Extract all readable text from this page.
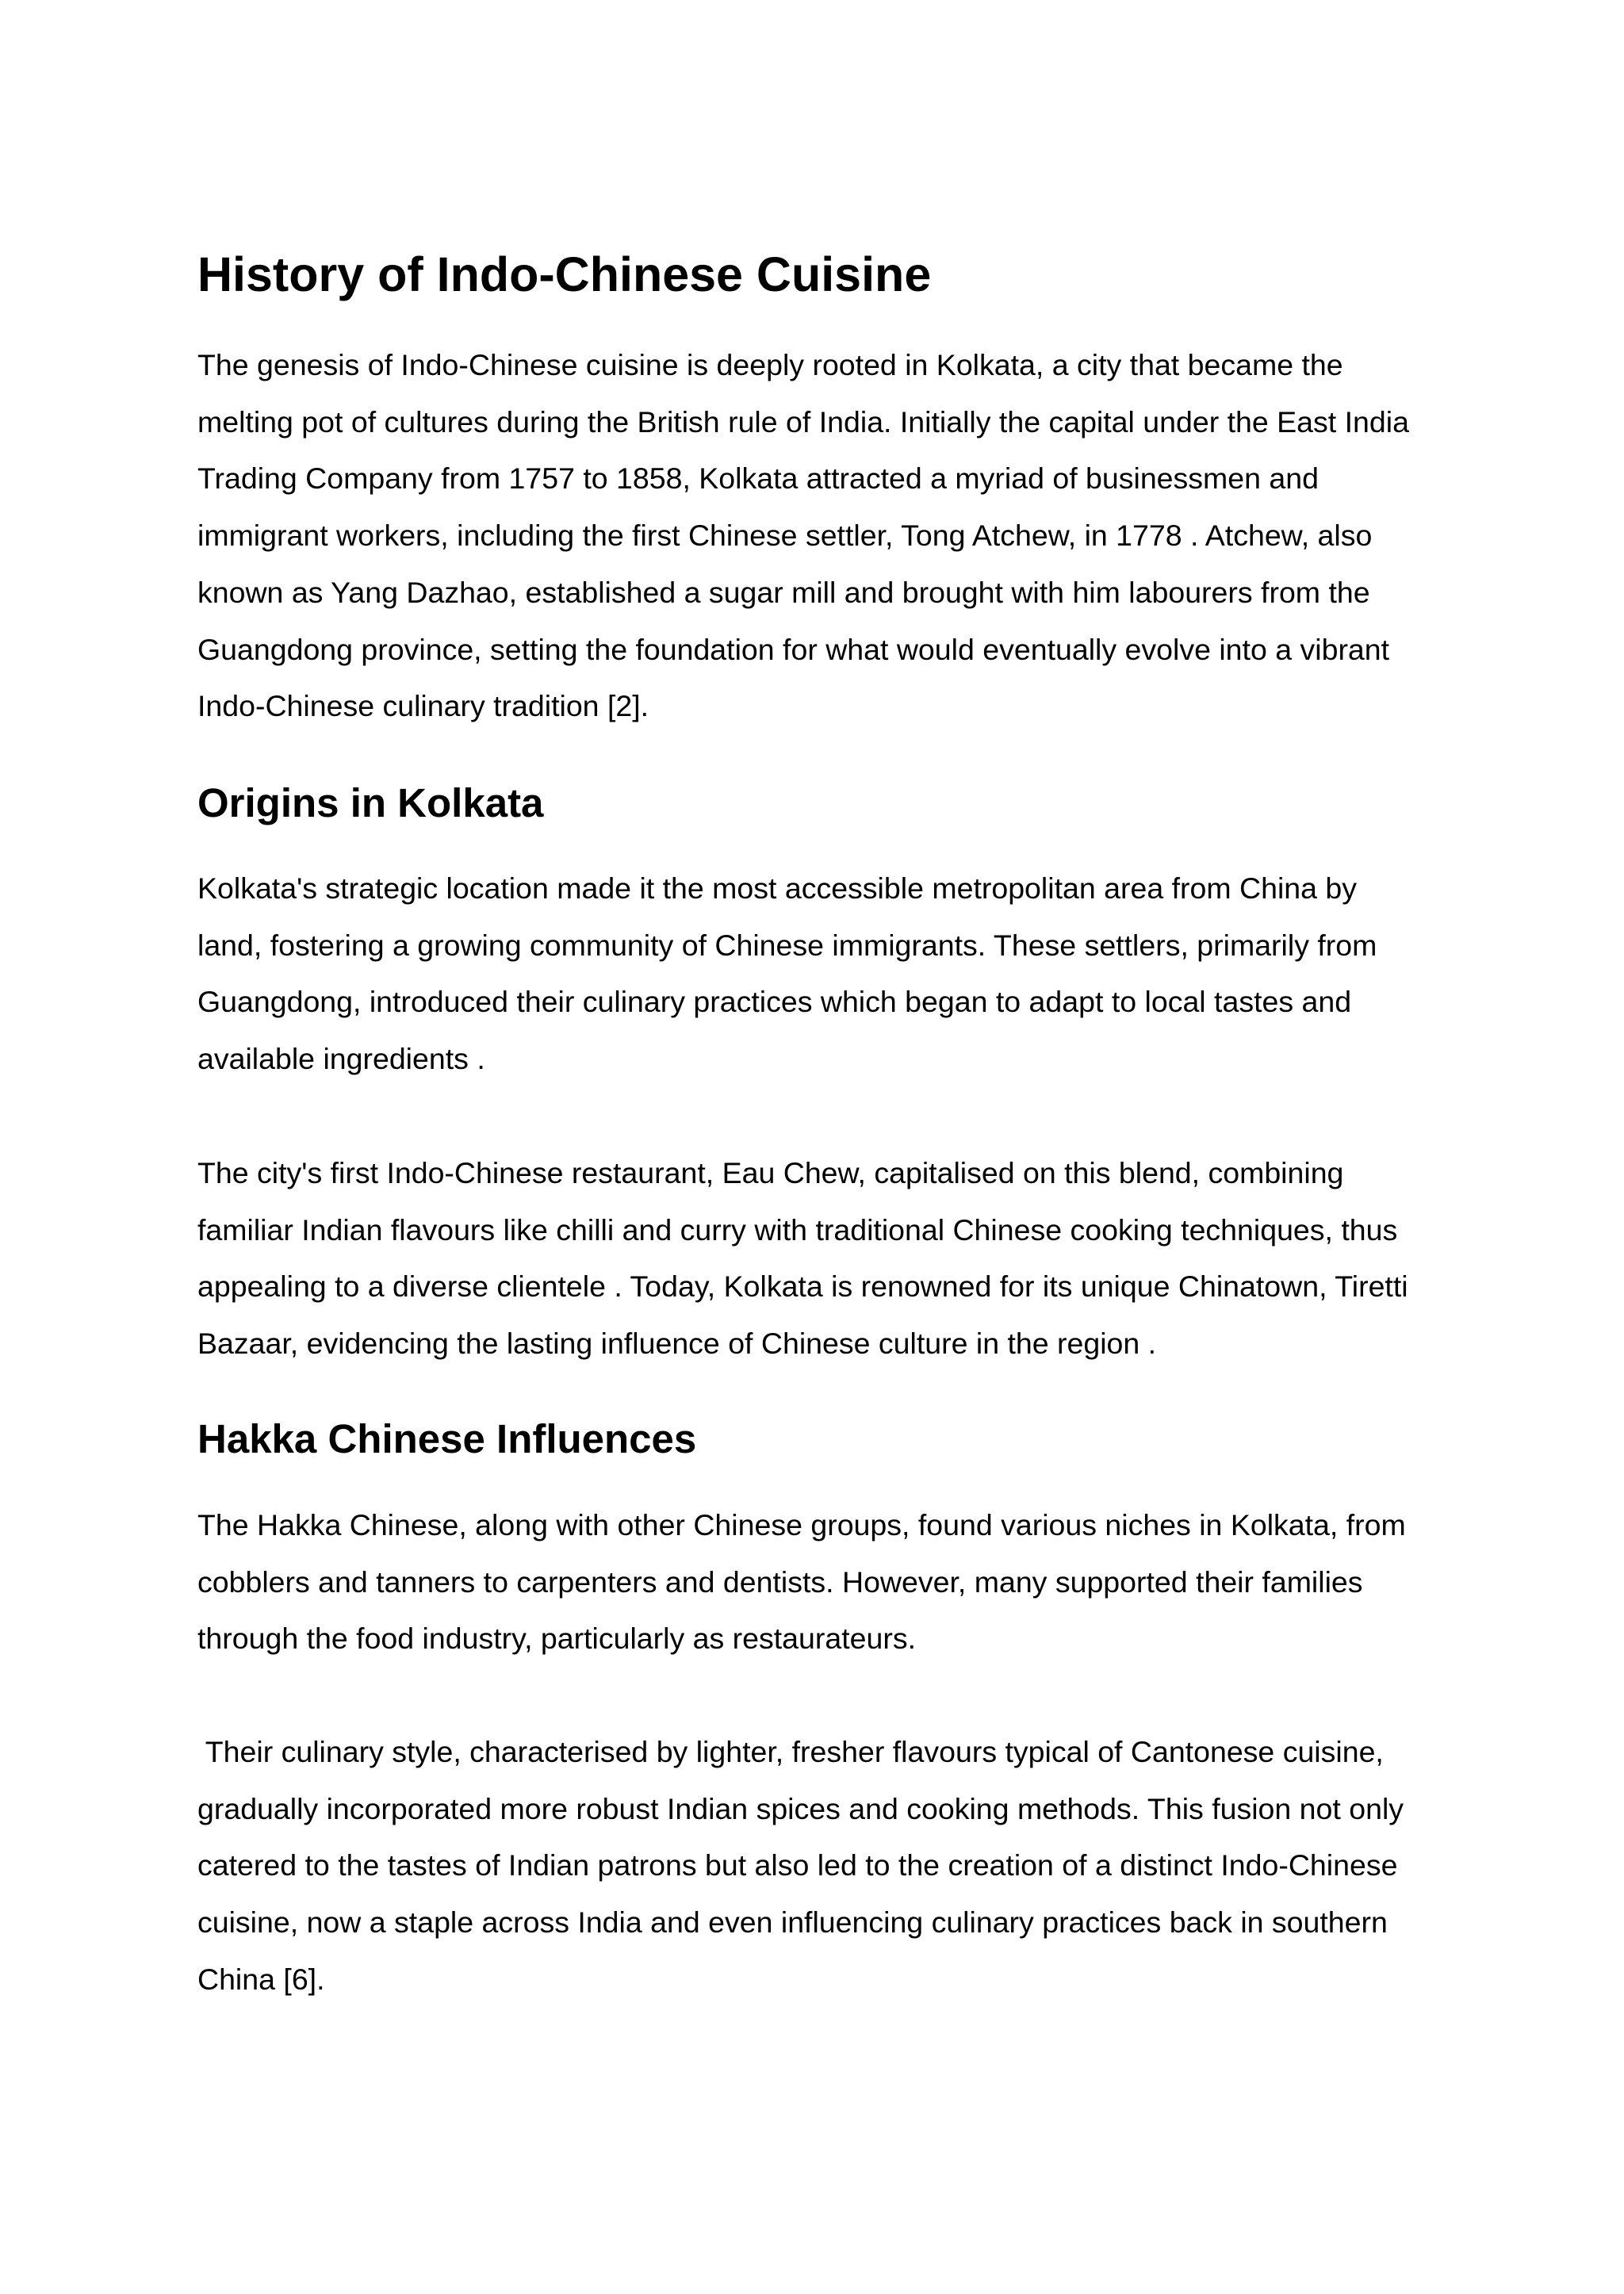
History of Indo-Chinese Cuisine
The genesis of Indo-Chinese cuisine is deeply rooted in Kolkata, a city that became the
melting pot of cultures during the British rule of India. Initially the capital under the East India
Trading Company from 1757 to 1858, Kolkata attracted a myriad of businessmen and
immigrant workers, including the first Chinese settler, Tong Atchew, in 1778 . Atchew, also
known as Yang Dazhao, established a sugar mill and brought with him labourers from the
Guangdong province, setting the foundation for what would eventually evolve into a vibrant
Indo-Chinese culinary tradition [2].
Origins in Kolkata
Kolkata's strategic location made it the most accessible metropolitan area from China by
land, fostering a growing community of Chinese immigrants. These settlers, primarily from
Guangdong, introduced their culinary practices which began to adapt to local tastes and
available ingredients .
The city's first Indo-Chinese restaurant, Eau Chew, capitalised on this blend, combining
familiar Indian flavours like chilli and curry with traditional Chinese cooking techniques, thus
appealing to a diverse clientele . Today, Kolkata is renowned for its unique Chinatown, Tiretti
Bazaar, evidencing the lasting influence of Chinese culture in the region .
Hakka Chinese Influences
The Hakka Chinese, along with other Chinese groups, found various niches in Kolkata, from
cobblers and tanners to carpenters and dentists. However, many supported their families
through the food industry, particularly as restaurateurs.
Their culinary style, characterised by lighter, fresher flavours typical of Cantonese cuisine,
gradually incorporated more robust Indian spices and cooking methods. This fusion not only
catered to the tastes of Indian patrons but also led to the creation of a distinct Indo-Chinese
cuisine, now a staple across India and even influencing culinary practices back in southern
China [6].
